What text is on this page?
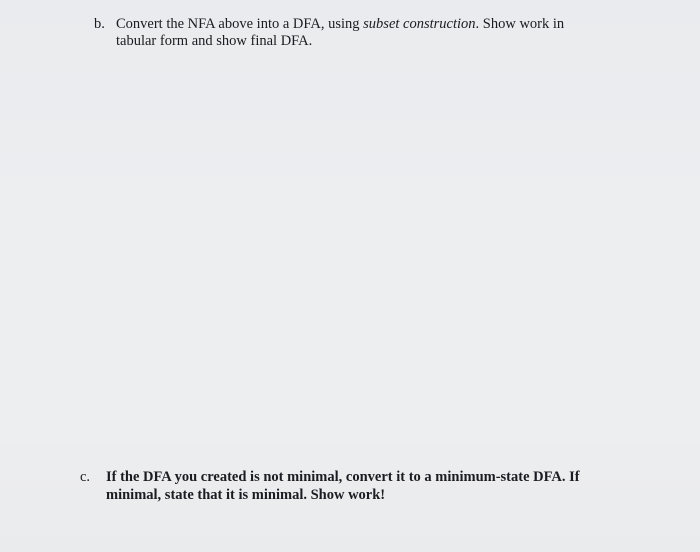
b. Convert the NFA above into a DFA, using subset construction. Show work in
tabular form and show final DFA.
c. If the DFA you created is not minimal, convert it to a minimum-state DFA. If
minimal, state that it is minimal. Show work!
